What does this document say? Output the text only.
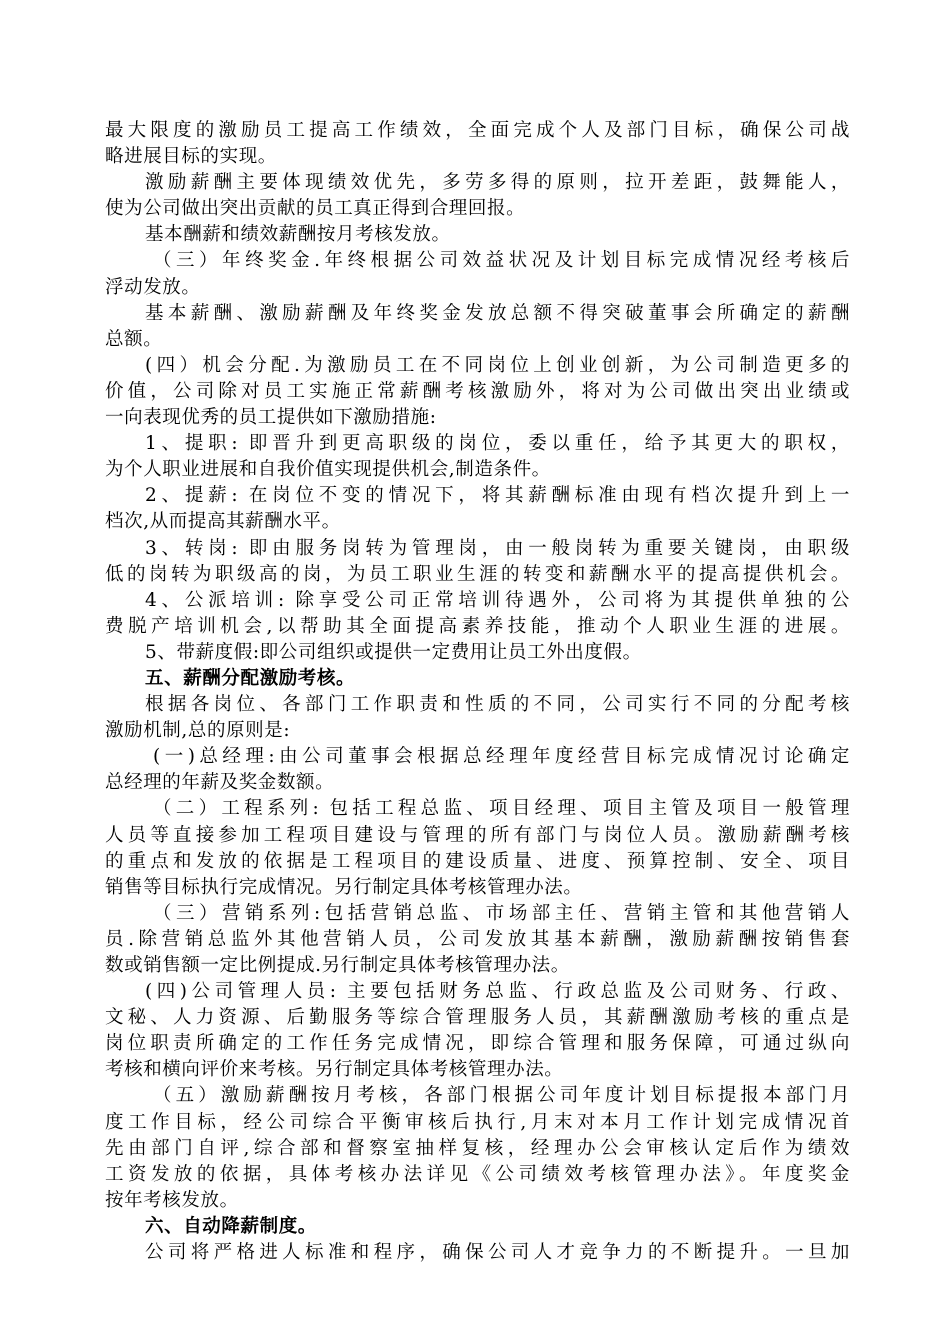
最大限度的激励员工提高工作绩效，全面完成个人及部门目标，确保公司战
略进展目标的实现。
激励薪酬主要体现绩效优先，多劳多得的原则，拉开差距，鼓舞能人，
使为公司做出突出贡献的员工真正得到合理回报。
基本酬薪和绩效薪酬按月考核发放。
（三）年终奖金.年终根据公司效益状况及计划目标完成情况经考核后
浮动发放。
基本薪酬、激励薪酬及年终奖金发放总额不得突破董事会所确定的薪酬
总额。
(四）机会分配.为激励员工在不同岗位上创业创新，为公司制造更多的
价值，公司除对员工实施正常薪酬考核激励外，将对为公司做出突出业绩或
一向表现优秀的员工提供如下激励措施:
1、提职: 即晋升到更高职级的岗位，委以重任，给予其更大的职权，
为个人职业进展和自我价值实现提供机会,制造条件。
2、提薪: 在岗位不变的情况下，将其薪酬标准由现有档次提升到上一
档次,从而提高其薪酬水平。
3、转岗: 即由服务岗转为管理岗，由一般岗转为重要关键岗，由职级
低的岗转为职级高的岗，为员工职业生涯的转变和薪酬水平的提高提供机会。
4、公派培训: 除享受公司正常培训待遇外，公司将为其提供单独的公
费脱产培训机会,以帮助其全面提高素养技能，推动个人职业生涯的进展。
5、带薪度假:即公司组织或提供一定费用让员工外出度假。
五、薪酬分配激励考核。
根据各岗位、各部门工作职责和性质的不同，公司实行不同的分配考核
激励机制,总的原则是:
(一)总经理:由公司董事会根据总经理年度经营目标完成情况讨论确定
总经理的年薪及奖金数额。
（二）工程系列: 包括工程总监、项目经理、项目主管及项目一般管理
人员等直接参加工程项目建设与管理的所有部门与岗位人员。激励薪酬考核
的重点和发放的依据是工程项目的建设质量、进度、预算控制、安全、项目
销售等目标执行完成情况。另行制定具体考核管理办法。
（三）营销系列:包括营销总监、市场部主任、营销主管和其他营销人
员.除营销总监外其他营销人员，公司发放其基本薪酬，激励薪酬按销售套
数或销售额一定比例提成.另行制定具体考核管理办法。
(四)公司管理人员: 主要包括财务总监、行政总监及公司财务、行政、
文秘、人力资源、后勤服务等综合管理服务人员，其薪酬激励考核的重点是
岗位职责所确定的工作任务完成情况，即综合管理和服务保障，可通过纵向
考核和横向评价来考核。另行制定具体考核管理办法。
（五）激励薪酬按月考核，各部门根据公司年度计划目标提报本部门月
度工作目标，经公司综合平衡审核后执行,月末对本月工作计划完成情况首
先由部门自评,综合部和督察室抽样复核，经理办公会审核认定后作为绩效
工资发放的依据，具体考核办法详见《公司绩效考核管理办法》。年度奖金
按年考核发放。
六、自动降薪制度。
公司将严格进人标准和程序，确保公司人才竞争力的不断提升。一旦加
